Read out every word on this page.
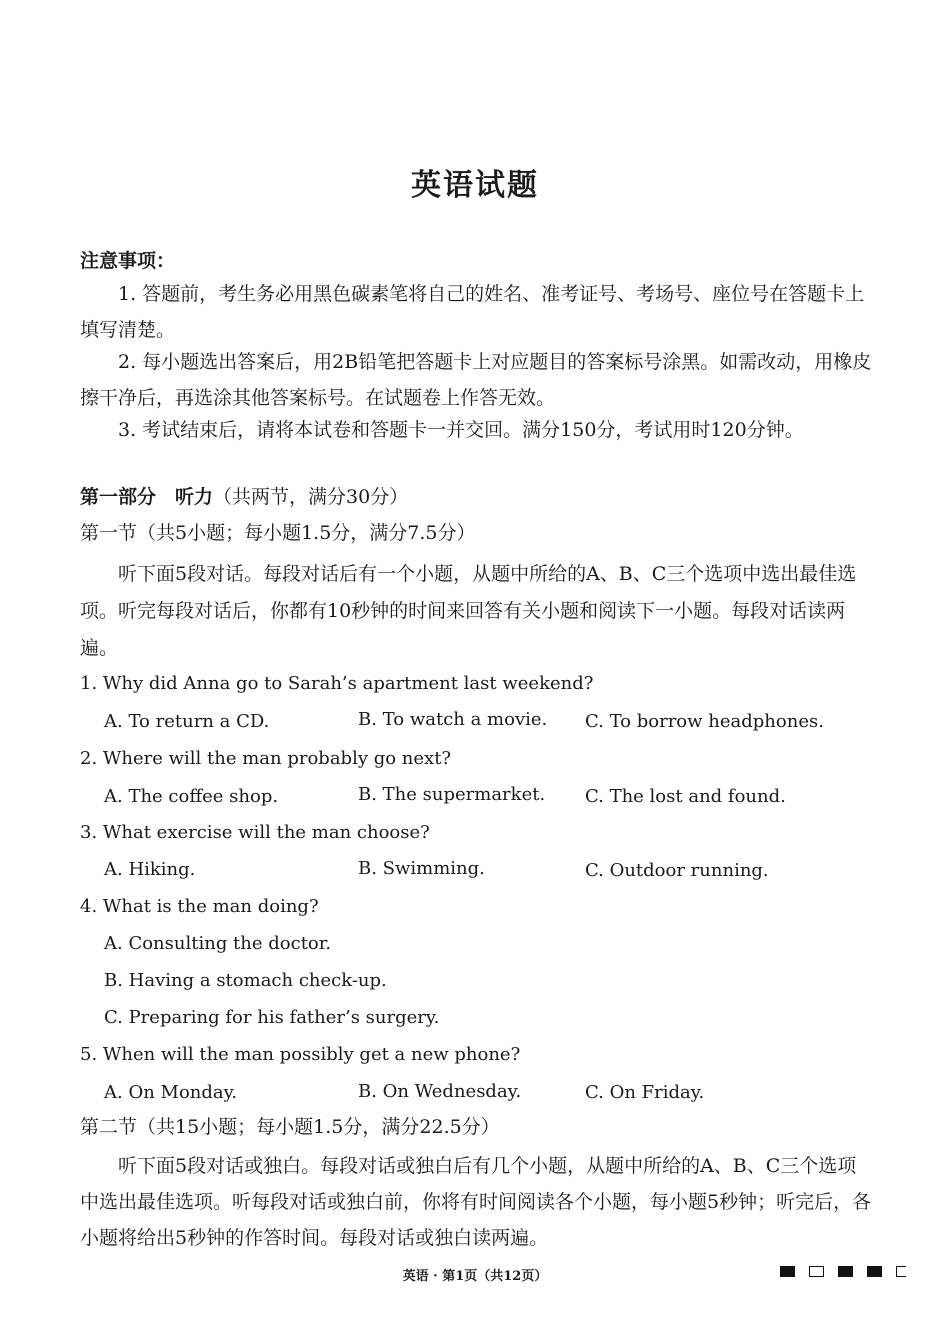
英语试题
注意事项：
1. 答题前，考生务必用黑色碳素笔将自己的姓名、准考证号、考场号、座位号在答题卡上填写清楚。
2. 每小题选出答案后，用2B铅笔把答题卡上对应题目的答案标号涂黑。如需改动，用橡皮擦干净后，再选涂其他答案标号。在试题卷上作答无效。
3. 考试结束后，请将本试卷和答题卡一并交回。满分150分，考试用时120分钟。
第一部分　听力（共两节，满分30分）
第一节（共5小题；每小题1.5分，满分7.5分）
听下面5段对话。每段对话后有一个小题，从题中所给的A、B、C三个选项中选出最佳选项。听完每段对话后，你都有10秒钟的时间来回答有关小题和阅读下一小题。每段对话读两遍。
1. Why did Anna go to Sarah’s apartment last weekend?
A. To return a CD.	B. To watch a movie. C. To borrow headphones.
2. Where will the man probably go next?
A. The coffee shop.	B. The supermarket. C. The lost and found.
3. What exercise will the man choose?
A. Hiking.	B. Swimming.	C. Outdoor running.
4. What is the man doing?
A. Consulting the doctor.
B. Having a stomach check-up.
C. Preparing for his father’s surgery.
5. When will the man possibly get a new phone?
A. On Monday.	B. On Wednesday.	C. On Friday.
第二节（共15小题；每小题1.5分，满分22.5分）
听下面5段对话或独白。每段对话或独白后有几个小题，从题中所给的A、B、C三个选项中选出最佳选项。听每段对话或独白前，你将有时间阅读各个小题，每小题5秒钟；听完后，各小题将给出5秒钟的作答时间。每段对话或独白读两遍。
英语 · 第1页（共12页）
